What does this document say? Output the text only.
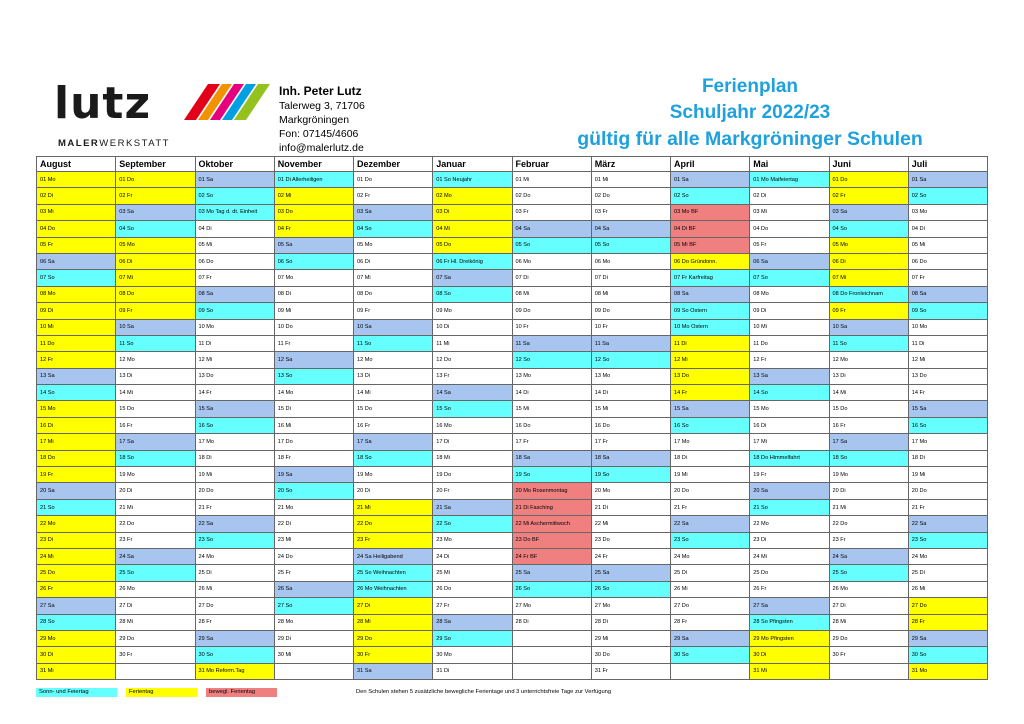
lutz
MALERWERKSTATT
Inh. Peter Lutz
Talerweg 3, 71706
Markgröningen
Fon: 07145/4606
info@malerlutz.de
Ferienplan
Schuljahr 2022/23
gültig für alle Markgröninger Schulen
August	September	Oktober	November	Dezember	Januar	Februar	März	April	Mai	Juni	Juli
01 Mo	01 Do	01 Sa	01 Di Allerheiligen	01 Do	01 So Neujahr	01 Mi	01 Mi	01 Sa	01 Mo Maifeiertag	01 Do	01 Sa
02 Di	02 Fr	02 So	02 Mi	02 Fr	02 Mo	02 Do	02 Do	02 So	02 Di	02 Fr	02 So
03 Mi	03 Sa	03 Mo Tag d. dt. Einheit	03 Do	03 Sa	03 Di	03 Fr	03 Fr	03 Mo BF	03 Mi	03 Sa	03 Mo
04 Do	04 So	04 Di	04 Fr	04 So	04 Mi	04 Sa	04 Sa	04 Di BF	04 Do	04 So	04 Di
05 Fr	05 Mo	05 Mi	05 Sa	05 Mo	05 Do	05 So	05 So	05 Mi BF	05 Fr	05 Mo	05 Mi
06 Sa	06 Di	06 Do	06 So	06 Di	06 Fr Hl. Dreikönig	06 Mo	06 Mo	06 Do Gründonn.	06 Sa	06 Di	06 Do
07 So	07 Mi	07 Fr	07 Mo	07 Mi	07 Sa	07 Di	07 Di	07 Fr Karfreitag	07 So	07 Mi	07 Fr
08 Mo	08 Do	08 Sa	08 Di	08 Do	08 So	08 Mi	08 Mi	08 Sa	08 Mo	08 Do Fronleichnam	08 Sa
09 Di	09 Fr	09 So	09 Mi	09 Fr	09 Mo	09 Do	09 Do	09 So Ostern	09 Di	09 Fr	09 So
10 Mi	10 Sa	10 Mo	10 Do	10 Sa	10 Di	10 Fr	10 Fr	10 Mo Ostern	10 Mi	10 Sa	10 Mo
11 Do	11 So	11 Di	11 Fr	11 So	11 Mi	11 Sa	11 Sa	11 Di	11 Do	11 So	11 Di
12 Fr	12 Mo	12 Mi	12 Sa	12 Mo	12 Do	12 So	12 So	12 Mi	12 Fr	12 Mo	12 Mi
13 Sa	13 Di	13 Do	13 So	13 Di	13 Fr	13 Mo	13 Mo	13 Do	13 Sa	13 Di	13 Do
14 So	14 Mi	14 Fr	14 Mo	14 Mi	14 Sa	14 Di	14 Di	14 Fr	14 So	14 Mi	14 Fr
15 Mo	15 Do	15 Sa	15 Di	15 Do	15 So	15 Mi	15 Mi	15 Sa	15 Mo	15 Do	15 Sa
16 Di	16 Fr	16 So	16 Mi	16 Fr	16 Mo	16 Do	16 Do	16 So	16 Di	16 Fr	16 So
17 Mi	17 Sa	17 Mo	17 Do	17 Sa	17 Di	17 Fr	17 Fr	17 Mo	17 Mi	17 Sa	17 Mo
18 Do	18 So	18 Di	18 Fr	18 So	18 Mi	18 Sa	18 Sa	18 Di	18 Do Himmelfahrt	18 So	18 Di
19 Fr	19 Mo	19 Mi	19 Sa	19 Mo	19 Do	19 So	19 So	19 Mi	19 Fr	19 Mo	19 Mi
20 Sa	20 Di	20 Do	20 So	20 Di	20 Fr	20 Mo Rosenmontag	20 Mo	20 Do	20 Sa	20 Di	20 Do
21 So	21 Mi	21 Fr	21 Mo	21 Mi	21 Sa	21 Di Fasching	21 Di	21 Fr	21 So	21 Mi	21 Fr
22 Mo	22 Do	22 Sa	22 Di	22 Do	22 So	22 Mi Aschermittwoch	22 Mi	22 Sa	22 Mo	22 Do	22 Sa
23 Di	23 Fr	23 So	23 Mi	23 Fr	23 Mo	23 Do BF	23 Do	23 So	23 Di	23 Fr	23 So
24 Mi	24 Sa	24 Mo	24 Do	24 Sa Heiligabend	24 Di	24 Fr BF	24 Fr	24 Mo	24 Mi	24 Sa	24 Mo
25 Do	25 So	25 Di	25 Fr	25 So Weihnachten	25 Mi	25 Sa	25 Sa	25 Di	25 Do	25 So	25 Di
26 Fr	26 Mo	26 Mi	26 Sa	26 Mo Weihnachten	26 Do	26 So	26 So	26 Mi	26 Fr	26 Mo	26 Mi
27 Sa	27 Di	27 Do	27 So	27 Di	27 Fr	27 Mo	27 Mo	27 Do	27 Sa	27 Di	27 Do
28 So	28 Mi	28 Fr	28 Mo	28 Mi	28 Sa	28 Di	28 Di	28 Fr	28 So Pfingsten	28 Mi	28 Fr
29 Mo	29 Do	29 Sa	29 Di	29 Do	29 So		29 Mi	29 Sa	29 Mo Pfingsten	29 Do	29 Sa
30 Di	30 Fr	30 So	30 Mi	30 Fr	30 Mo		30 Do	30 So	30 Di	30 Fr	30 So
31 Mi		31 Mo Reform.Tag		31 Sa	31 Di		31 Fr		31 Mi		31 Mo
Sonn- und Feiertag	Ferientag	bewegl. Ferientag	Den Schulen stehen 5 zusätzliche bewegliche Ferientage und 3 unterrichtsfreie Tage zur Verfügung
